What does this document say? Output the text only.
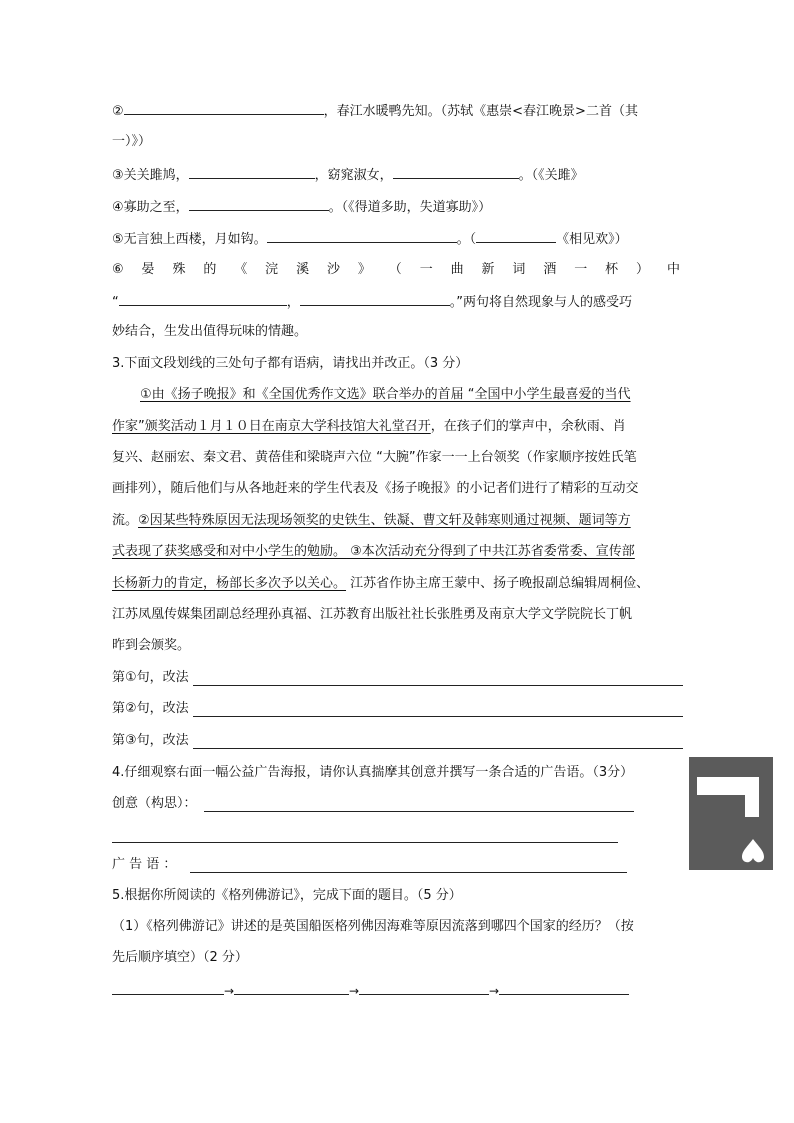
②	，春江水暖鸭先知。（苏轼《惠崇<春江晚景>二首（其
一）》）
③关关雎鸠，	，窈窕淑女，	。（《关雎》
④寡助之至，	。（《得道多助，失道寡助》）
⑤无言独上西楼，月如钩。	。（	《相见欢》）
⑥ 晏 殊 的 《 浣 溪 沙 》 （ 一 曲 新 词 酒 一 杯 ） 中
“	，	。”两句将自然现象与人的感受巧
妙结合，生发出值得玩味的情趣。
3.下面文段划线的三处句子都有语病，请找出并改正。（3 分）
①由《扬子晚报》和《全国优秀作文选》联合举办的首届 “全国中小学生最喜爱的当代
作家”颁奖活动１月１０日在南京大学科技馆大礼堂召开，在孩子们的掌声中，余秋雨、肖
复兴、赵丽宏、秦文君、黄蓓佳和梁晓声六位 “大腕”作家一一上台领奖（作家顺序按姓氏笔
画排列），随后他们与从各地赶来的学生代表及《扬子晚报》的小记者们进行了精彩的互动交
流。②因某些特殊原因无法现场领奖的史铁生、铁凝、曹文轩及韩寒则通过视频、题词等方
式表现了获奖感受和对中小学生的勉励。 ③本次活动充分得到了中共江苏省委常委、宣传部
长杨新力的肯定，杨部长多次予以关心。 江苏省作协主席王蒙中、扬子晚报副总编辑周桐俭、
江苏凤凰传媒集团副总经理孙真福、江苏教育出版社社长张胜勇及南京大学文学院院长丁帆
昨到会颁奖。
第①句，改法
第②句，改法
第③句，改法
4.仔细观察右面一幅公益广告海报，请你认真揣摩其创意并撰写一条合适的广告语。（3分）
创意（构思）：
广 告 语 ：
5.根据你所阅读的《格列佛游记》，完成下面的题目。（5 分）
（1）《格列佛游记》讲述的是英国船医格列佛因海难等原因流落到哪四个国家的经历？（按
先后顺序填空）（2 分）
→	→	→
